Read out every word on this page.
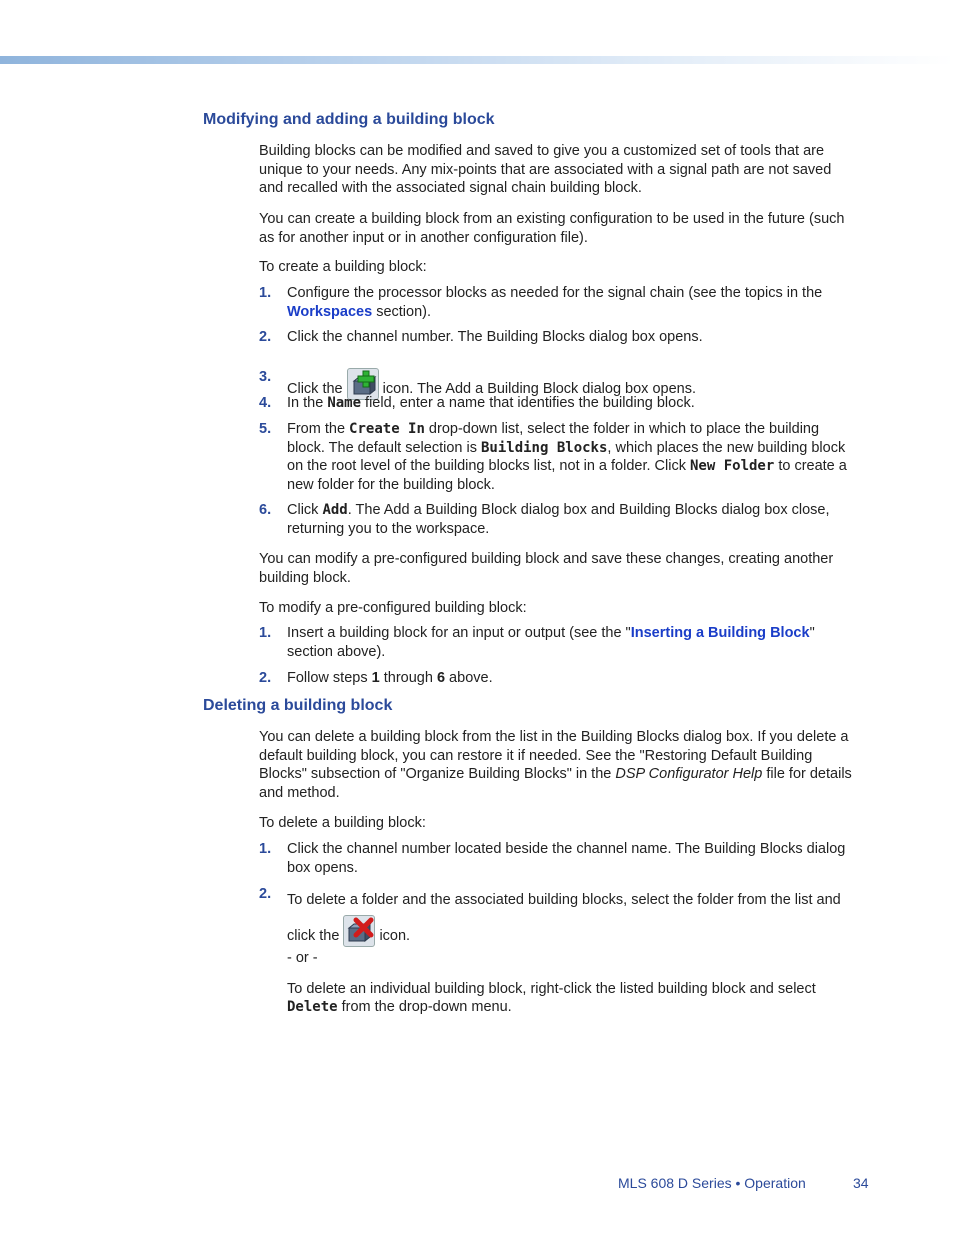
Modifying and adding a building block

Building blocks can be modified and saved to give you a customized set of tools that are unique to your needs. Any mix-points that are associated with a signal path are not saved and recalled with the associated signal chain building block.

You can create a building block from an existing configuration to be used in the future (such as for another input or in another configuration file).

To create a building block:

1. Configure the processor blocks as needed for the signal chain (see the topics in the Workspaces section).
2. Click the channel number. The Building Blocks dialog box opens.
3.
Click the  icon. The Add a Building Block dialog box opens.
4. In the Name field, enter a name that identifies the building block.
5. From the Create In drop-down list, select the folder in which to place the building block. The default selection is Building Blocks, which places the new building block on the root level of the building blocks list, not in a folder. Click New Folder to create a new folder for the building block.
6. Click Add. The Add a Building Block dialog box and Building Blocks dialog box close, returning you to the workspace.

You can modify a pre-configured building block and save these changes, creating another building block.

To modify a pre-configured building block:

1. Insert a building block for an input or output (see the "Inserting a Building Block" section above).
2. Follow steps 1 through 6 above.
Deleting a building block

You can delete a building block from the list in the Building Blocks dialog box. If you delete a default building block, you can restore it if needed. See the "Restoring Default Building Blocks" subsection of "Organize Building Blocks" in the DSP Configurator Help file for details and method.

To delete a building block:

1. Click the channel number located beside the channel name. The Building Blocks dialog box opens.
2. To delete a folder and the associated building blocks, select the folder from the list and click the  icon.
- or -
To delete an individual building block, right-click the listed building block and select Delete from the drop-down menu.
MLS 608 D Series • Operation	34
